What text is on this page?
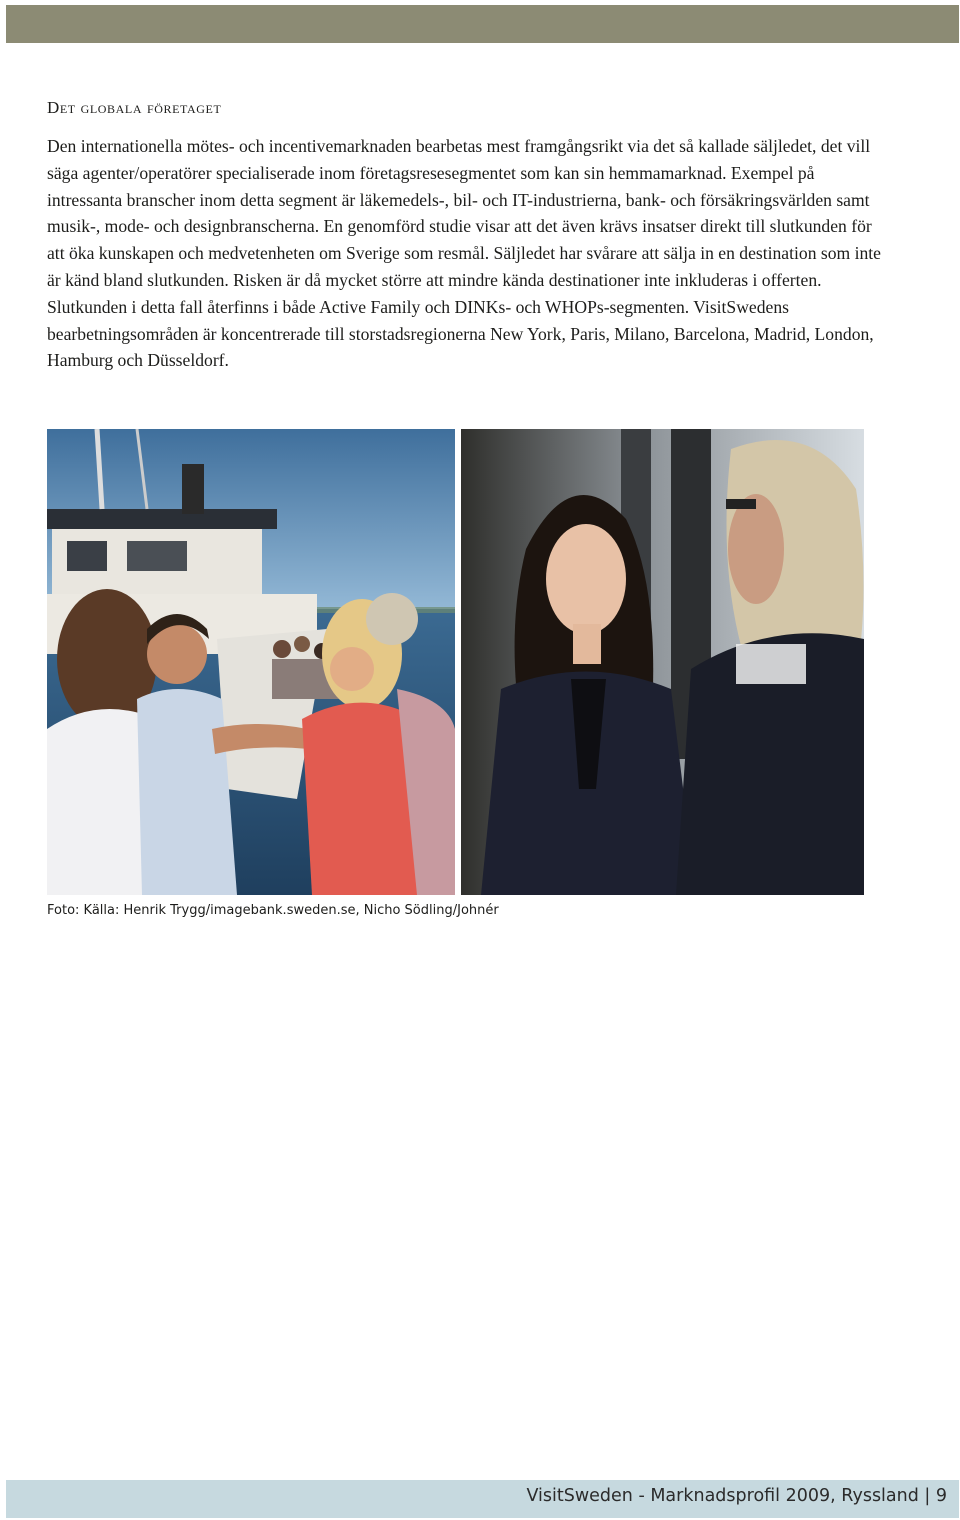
Det globala företaget

Den internationella mötes- och incentivemarknaden bearbetas mest framgångsrikt via det så kallade säljledet, det vill säga agenter/operatörer specialiserade inom företagsresesegmentet som kan sin hemmamarknad. Exempel på intressanta branscher inom detta segment är läkemedels-, bil- och IT-industrierna, bank- och försäkringsvärlden samt musik-, mode- och designbranscherna. En genomförd studie visar att det även krävs insatser direkt till slutkunden för att öka kunskapen och medvetenheten om Sverige som resmål. Säljledet har svårare att sälja in en destination som inte är känd bland slutkunden. Risken är då mycket större att mindre kända destinationer inte inkluderas i offerten. Slutkunden i detta fall återfinns i både Active Family och DINKs- och WHOPs-segmenten. VisitSwedens bearbetningsområden är koncentrerade till storstadsregionerna New York, Paris, Milano, Barcelona, Madrid, London, Hamburg och Düsseldorf.

Foto: Källa: Henrik Trygg/imagebank.sweden.se, Nicho Södling/Johnér
VisitSweden - Marknadsprofil 2009, Ryssland | 9
